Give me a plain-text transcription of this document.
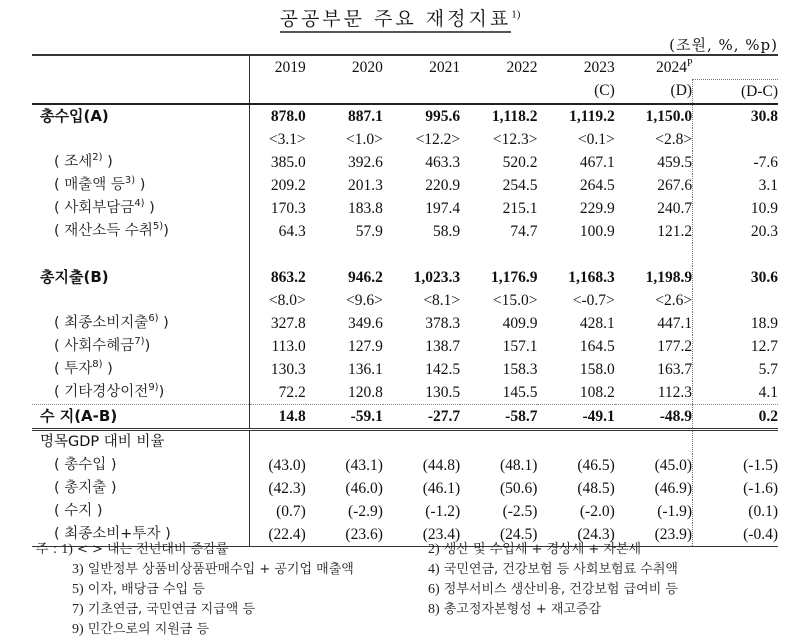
공공부문 주요 재정지표$^{1)}$
(조원, %, %p)
	2019	2020	2021	2022	2023	$2024^P$	
					(C)	(D)	(D-C)
총수입(A)	878.0	887.1	995.6	1,118.2	1,119.2	1,150.0	30.8
	<3.1>	<1.0>	<12.2>	<12.3>	<0.1>	<2.8>	
( 조세$^{2)}$ )	385.0	392.6	463.3	520.2	467.1	459.5	-7.6
( 매출액 등$^{3)}$ )	209.2	201.3	220.9	254.5	264.5	267.6	3.1
( 사회부담금$^{4)}$ )	170.3	183.8	197.4	215.1	229.9	240.7	10.9
( 재산소득 수취$^{5)}$)	64.3	57.9	58.9	74.7	100.9	121.2	20.3

총지출(B)	863.2	946.2	1,023.3	1,176.9	1,168.3	1,198.9	30.6
	<8.0>	<9.6>	<8.1>	<15.0>	<-0.7>	<2.6>	
( 최종소비지출$^{6)}$ )	327.8	349.6	378.3	409.9	428.1	447.1	18.9
( 사회수혜금$^{7)}$)	113.0	127.9	138.7	157.1	164.5	177.2	12.7
( 투자$^{8)}$ )	130.3	136.1	142.5	158.3	158.0	163.7	5.7
( 기타경상이전$^{9)}$)	72.2	120.8	130.5	145.5	108.2	112.3	4.1
수 지(A-B)	14.8	-59.1	-27.7	-58.7	-49.1	-48.9	0.2
명목GDP 대비 비율							
( 총수입 )	(43.0)	(43.1)	(44.8)	(48.1)	(46.5)	(45.0)	(-1.5)
( 총지출 )	(42.3)	(46.0)	(46.1)	(50.6)	(48.5)	(46.9)	(-1.6)
( 수지 )	(0.7)	(-2.9)	(-1.2)	(-2.5)	(-2.0)	(-1.9)	(0.1)
( 최종소비+투자 )	(22.4)	(23.6)	(23.4)	(24.5)	(24.3)	(23.9)	(-0.4)
주 : 1) < > 내는 전년대비 증감률
3) 일반정부 상품비상품판매수입 + 공기업 매출액
5) 이자, 배당금 수입 등
7) 기초연금, 국민연금 지급액 등
9) 민간으로의 지원금 등
2) 생산 및 수입세 + 경상세 + 자본세
4) 국민연금, 건강보험 등 사회보험료 수취액
6) 정부서비스 생산비용, 건강보험 급여비 등
8) 총고정자본형성 + 재고증감
